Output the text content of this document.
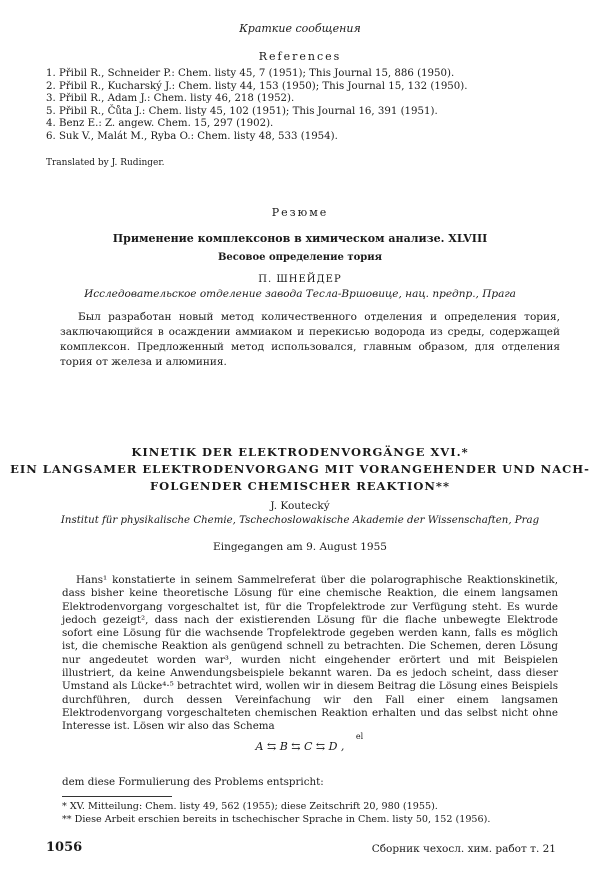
Краткие сообщения
References
1. Přibil R., Schneider P.: Chem. listy 45, 7 (1951); This Journal 15, 886 (1950).
2. Přibil R., Kucharský J.: Chem. listy 44, 153 (1950); This Journal 15, 132 (1950).
3. Přibil R., Adam J.: Chem. listy 46, 218 (1952).
5. Přibil R., Čůta J.: Chem. listy 45, 102 (1951); This Journal 16, 391 (1951).
4. Benz E.: Z. angew. Chem. 15, 297 (1902).
6. Suk V., Malát M., Ryba O.: Chem. listy 48, 533 (1954).
Translated by J. Rudinger.
Резюме
Применение комплексонов в химическом анализе. XLVIII
Весовое определение тория
П. ШНЕЙДЕР
Исследовательское отделение завода Тесла-Вршовице, нац. предпр., Прага

Был разработан новый метод количественного отделения и определения тория, заключающийся в осаждении аммиаком и перекисью водорода из среды, содержащей комплексон. Предложенный метод использовался, главным образом, для отделения тория от железа и алюминия.

KINETIK DER ELEKTRODENVORGÄNGE XVI.*
EIN LANGSAMER ELEKTRODENVORGANG MIT VORANGEHENDER UND NACH-
FOLGENDER CHEMISCHER REAKTION**
J. Koutecký
Institut für physikalische Chemie, Tschechoslowakische Akademie der Wissenschaften, Prag
Eingegangen am 9. August 1955

Hans¹ konstatierte in seinem Sammelreferat über die polarographische Reaktionskinetik, dass bisher keine theoretische Lösung für eine chemische Reaktion, die einem langsamen Elektrodenvorgang vorgeschaltet ist, für die Tropfelektrode zur Verfügung steht. Es wurde jedoch gezeigt², dass nach der existierenden Lösung für die flache unbewegte Elektrode sofort eine Lösung für die wachsende Tropfelektrode gegeben werden kann, falls es möglich ist, die chemische Reaktion als genügend schnell zu betrachten. Die Schemen, deren Lösung nur angedeutet worden war³, wurden nicht eingehender erörtert und mit Beispielen illustriert, da keine Anwendungsbeispiele bekannt waren. Da es jedoch scheint, dass dieser Umstand als Lücke⁴·⁵ betrachtet wird, wollen wir in diesem Beitrag die Lösung eines Beispiels durchführen, durch dessen Vereinfachung wir den Fall einer einem langsamen Elektrodenvorgang vorgeschalteten chemischen Reaktion erhalten und das selbst nicht ohne Interesse ist. Lösen wir also das Schema

el
A ⇆ B ⇆ C ⇆ D ,
dem diese Formulierung des Problems entspricht:
* XV. Mitteilung: Chem. listy 49, 562 (1955); diese Zeitschrift 20, 980 (1955).
** Diese Arbeit erschien bereits in tschechischer Sprache in Chem. listy 50, 152 (1956).
1056	Сборник чехосл. хим. работ т. 21
